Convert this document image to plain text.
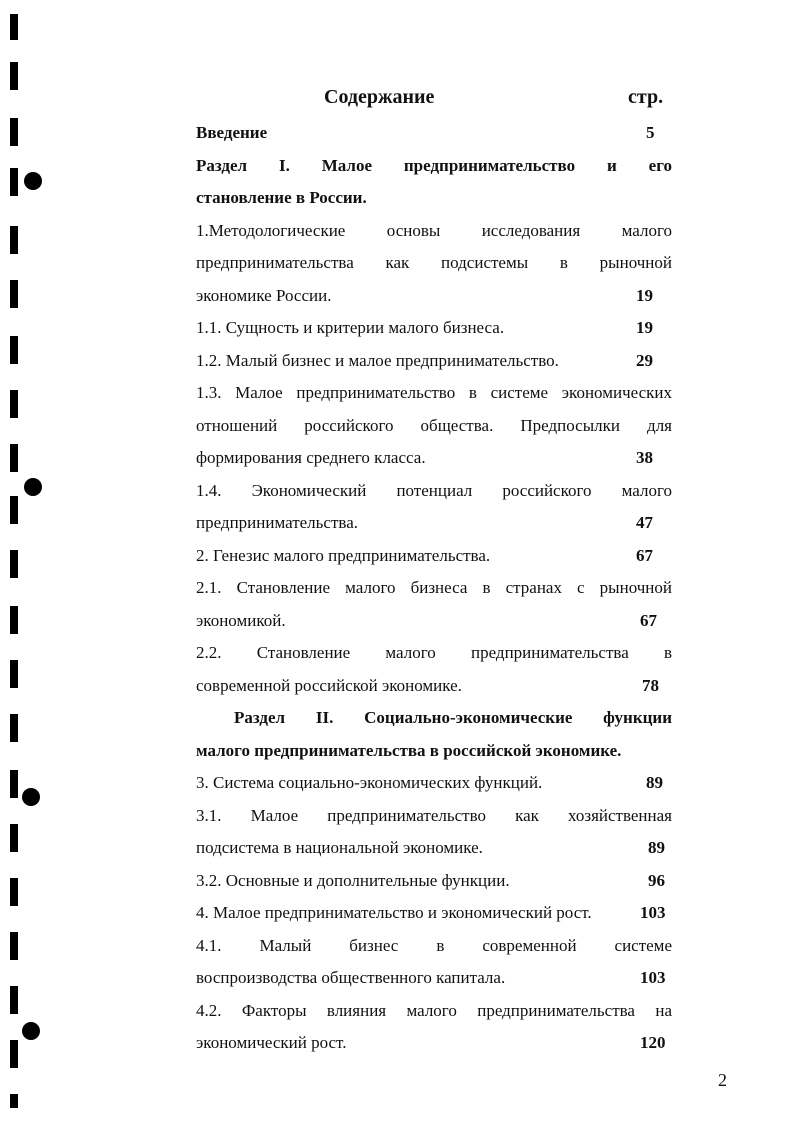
Содержание	стр.
Введение	5
Раздел I. Малое предпринимательство и его
становление в России.
1.Методологические основы исследования малого
предпринимательства как подсистемы в рыночной
экономике России.	19
1.1. Сущность и критерии малого бизнеса.	19
1.2. Малый бизнес и малое предпринимательство.	29
1.3. Малое предпринимательство в системе экономических
отношений российского общества. Предпосылки для
формирования среднего класса.	38
1.4. Экономический потенциал российского малого
предпринимательства.	47
2. Генезис малого предпринимательства.	67
2.1. Становление малого бизнеса в странах с рыночной
экономикой.	67
2.2. Становление малого предпринимательства в
современной российской экономике.	78
Раздел II. Социально-экономические функции
малого предпринимательства в российской экономике.
3. Система социально-экономических функций.	89
3.1. Малое предпринимательство как хозяйственная
подсистема в национальной экономике.	89
3.2. Основные и дополнительные функции.	96
4. Малое предпринимательство и экономический рост.	103
4.1. Малый бизнес в современной системе
воспроизводства общественного капитала.	103
4.2. Факторы влияния малого предпринимательства на
экономический рост.	120
2
